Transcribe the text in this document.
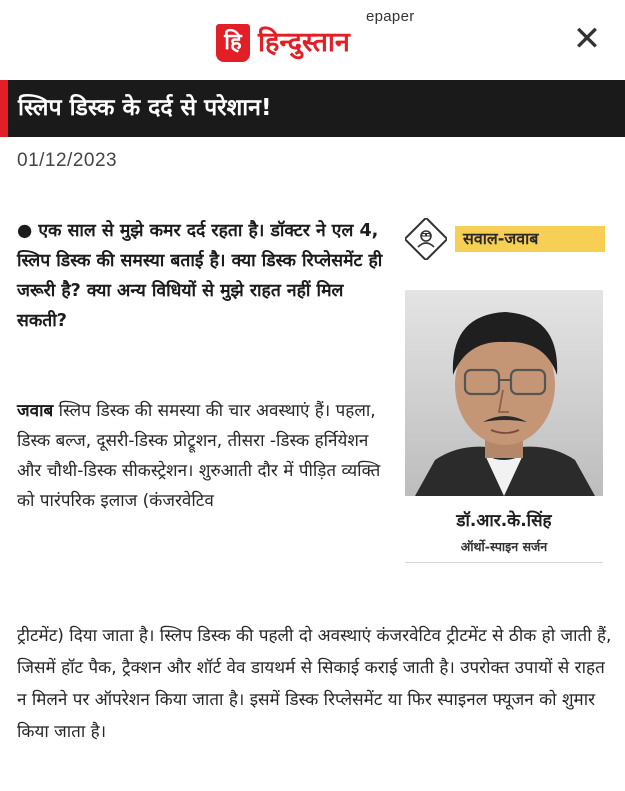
हि हिन्दुस्तान
epaper
✕
स्लिप डिस्क के दर्द से परेशान!
01/12/2023
● एक साल से मुझे कमर दर्द रहता है। डॉक्टर ने एल 4, स्लिप डिस्क की समस्या बताई है। क्या डिस्क रिप्लेसमेंट ही जरूरी है? क्या अन्य विधियों से मुझे राहत नहीं मिल सकती?
जवाब स्लिप डिस्क की समस्या की चार अवस्थाएं हैं। पहला, डिस्क बल्ज, दूसरी-डिस्क प्रोट्रूशन, तीसरा -डिस्क हर्नियेशन और चौथी-डिस्क सीकस्ट्रेशन। शुरुआती दौर में पीड़ित व्यक्ति को पारंपरिक इलाज (कंजरवेटिव
सवाल-जवाब
डॉ.आर.के.सिंह
ऑर्थो-स्पाइन सर्जन
ट्रीटमेंट) दिया जाता है। स्लिप डिस्क की पहली दो अवस्थाएं कंजरवेटिव ट्रीटमेंट से ठीक हो जाती हैं, जिसमें हॉट पैक, ट्रैक्शन और शॉर्ट वेव डायथर्म से सिकाई कराई जाती है। उपरोक्त उपायों से राहत न मिलने पर ऑपरेशन किया जाता है। इसमें डिस्क रिप्लेसमेंट या फिर स्पाइनल फ्यूजन को शुमार किया जाता है।
